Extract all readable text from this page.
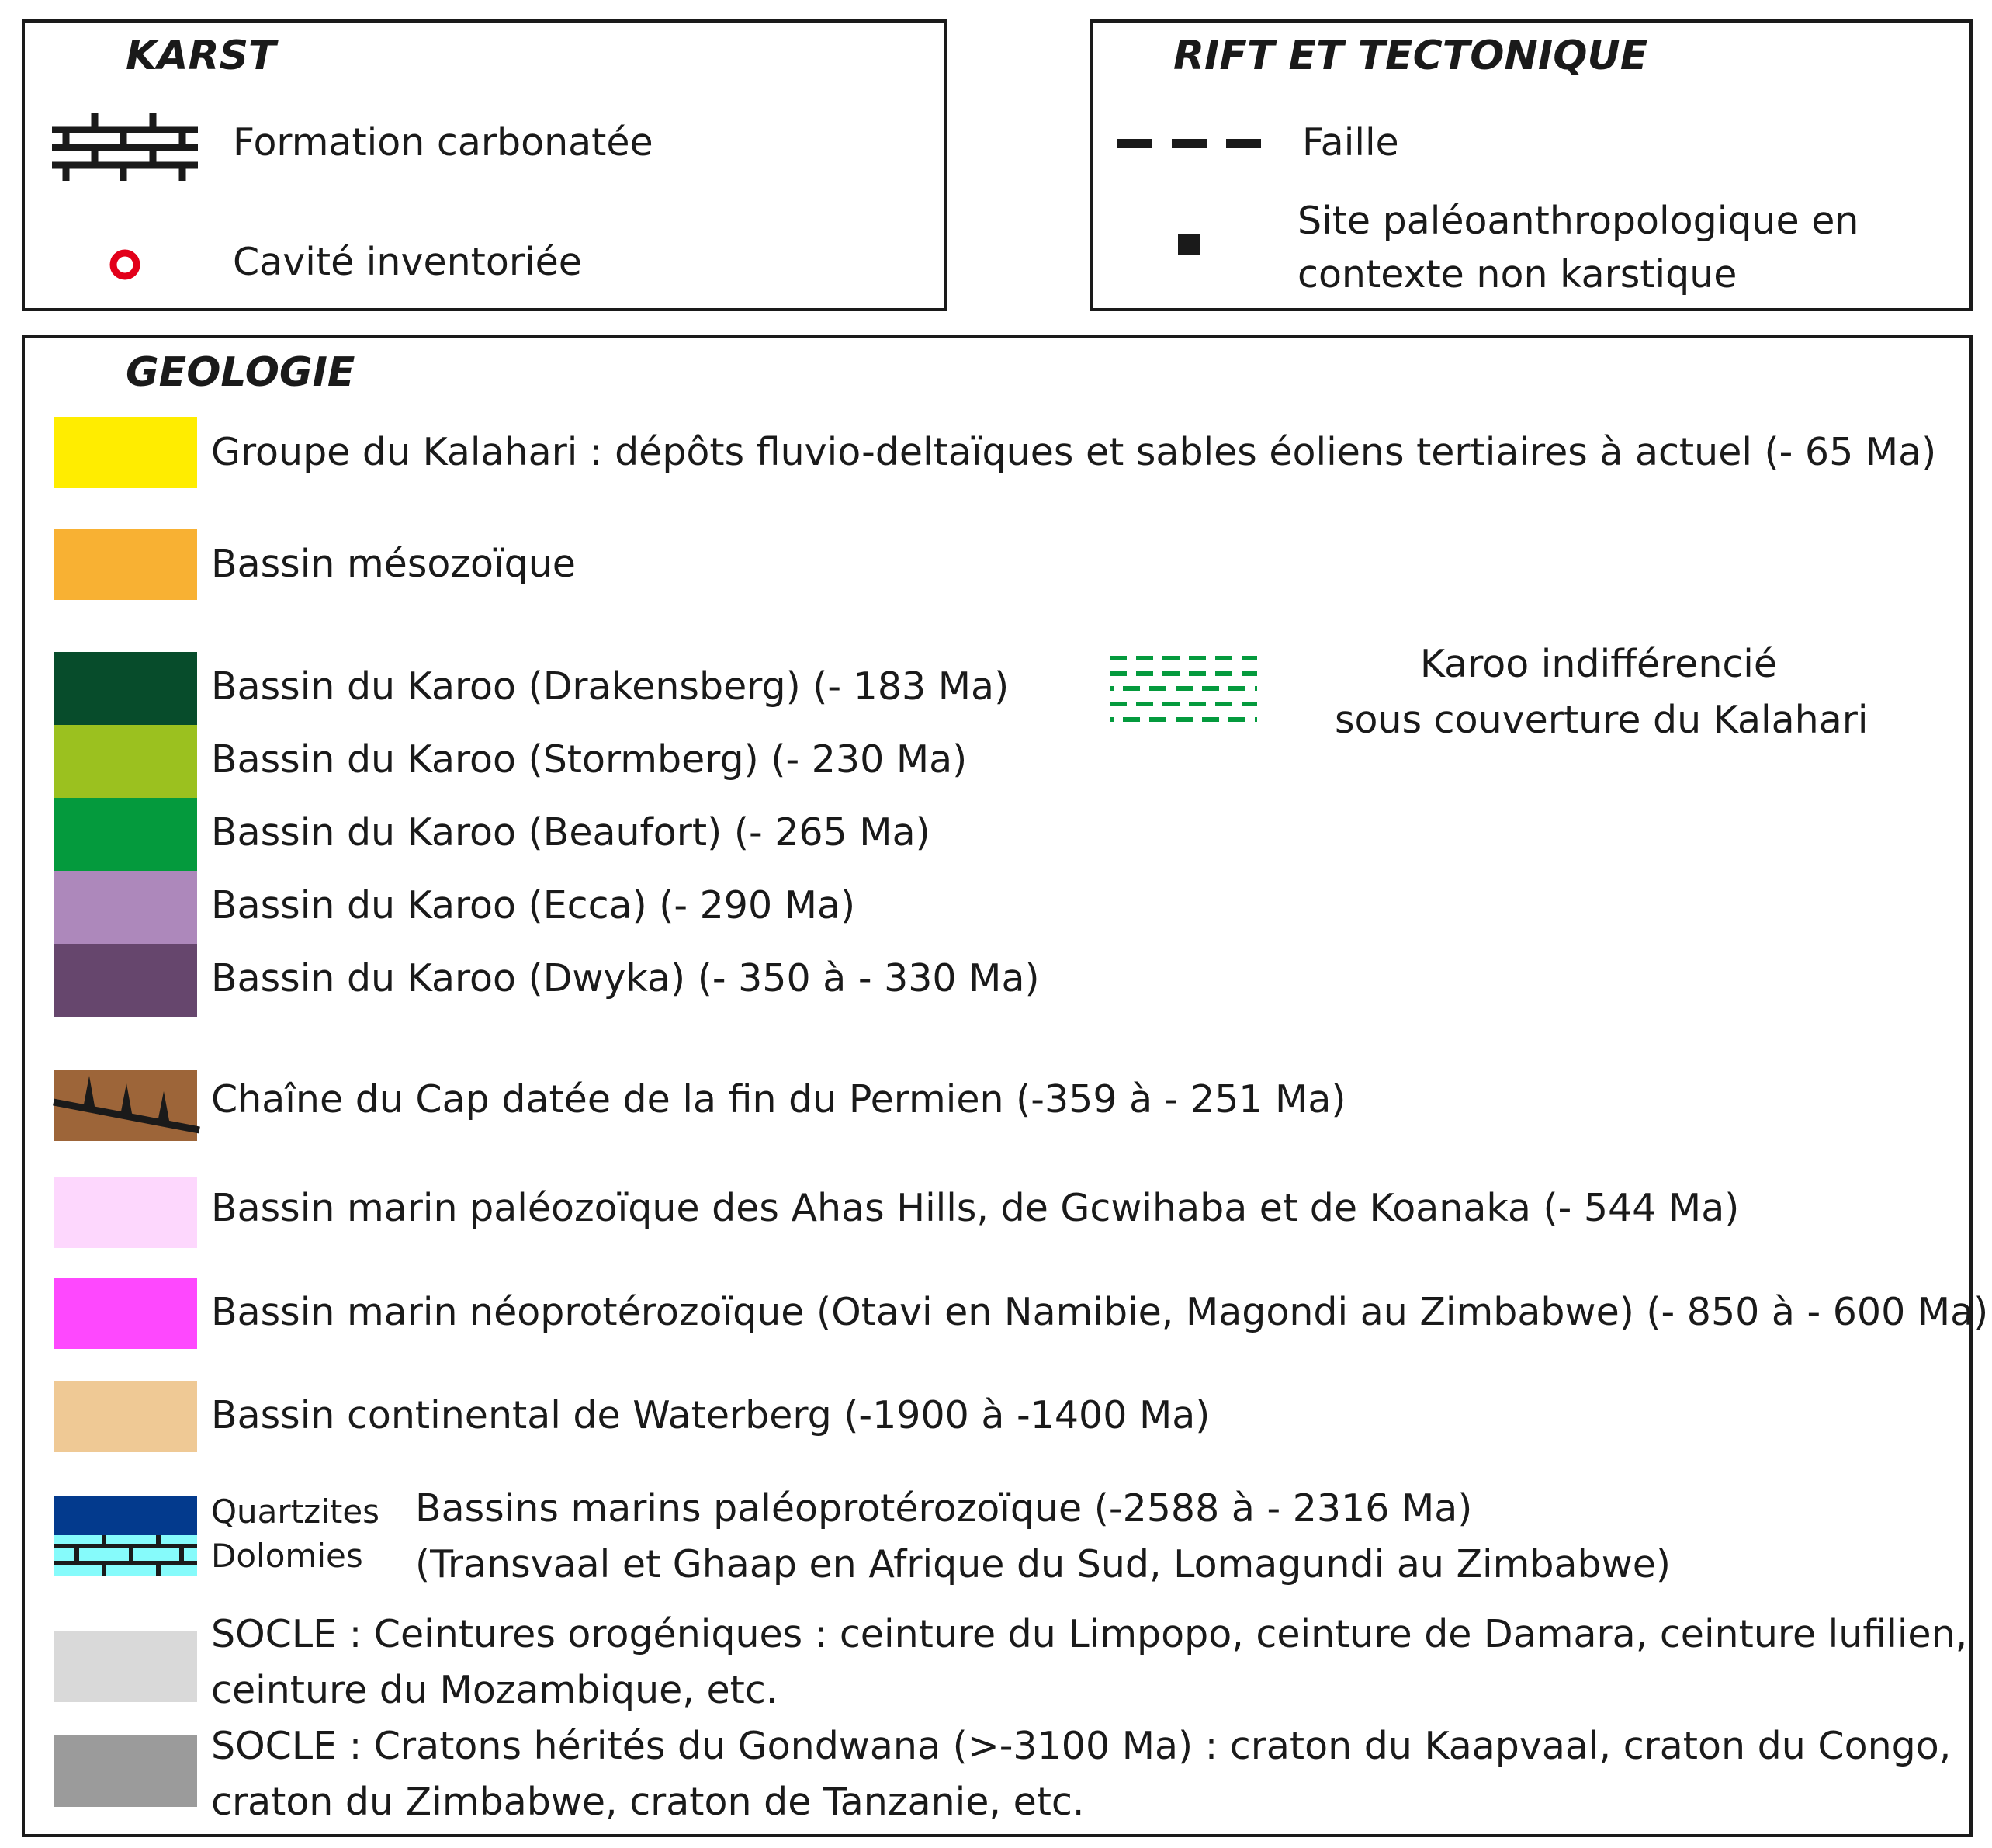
KARST
Formation carbonatée
Cavité inventoriée
RIFT ET TECTONIQUE
Faille
Site paléoanthropologique en
contexte non karstique
GEOLOGIE
Groupe du Kalahari : dépôts fluvio-deltaïques et sables éoliens tertiaires à actuel (- 65 Ma)
Bassin mésozoïque
Bassin du Karoo (Drakensberg) (- 183 Ma)
Bassin du Karoo (Stormberg) (- 230 Ma)
Bassin du Karoo (Beaufort) (- 265 Ma)
Bassin du Karoo (Ecca) (- 290 Ma)
Bassin du Karoo (Dwyka) (- 350 à - 330 Ma)
Karoo indifférencié
sous couverture du Kalahari
Chaîne du Cap datée de la fin du Permien (-359 à - 251 Ma)
Bassin marin paléozoïque des Ahas Hills, de Gcwihaba et de Koanaka (- 544 Ma)
Bassin marin néoprotérozoïque (Otavi en Namibie, Magondi au Zimbabwe) (- 850 à - 600 Ma)
Bassin continental de Waterberg (-1900 à -1400 Ma)
Quartzites
Dolomies
Bassins marins paléoprotérozoïque (-2588 à - 2316 Ma)
(Transvaal et Ghaap en Afrique du Sud, Lomagundi au Zimbabwe)
SOCLE : Ceintures orogéniques : ceinture du Limpopo, ceinture de Damara, ceinture lufilien,
ceinture du Mozambique, etc.
SOCLE : Cratons hérités du Gondwana (>-3100 Ma) : craton du Kaapvaal, craton du Congo,
craton du Zimbabwe, craton de Tanzanie, etc.
